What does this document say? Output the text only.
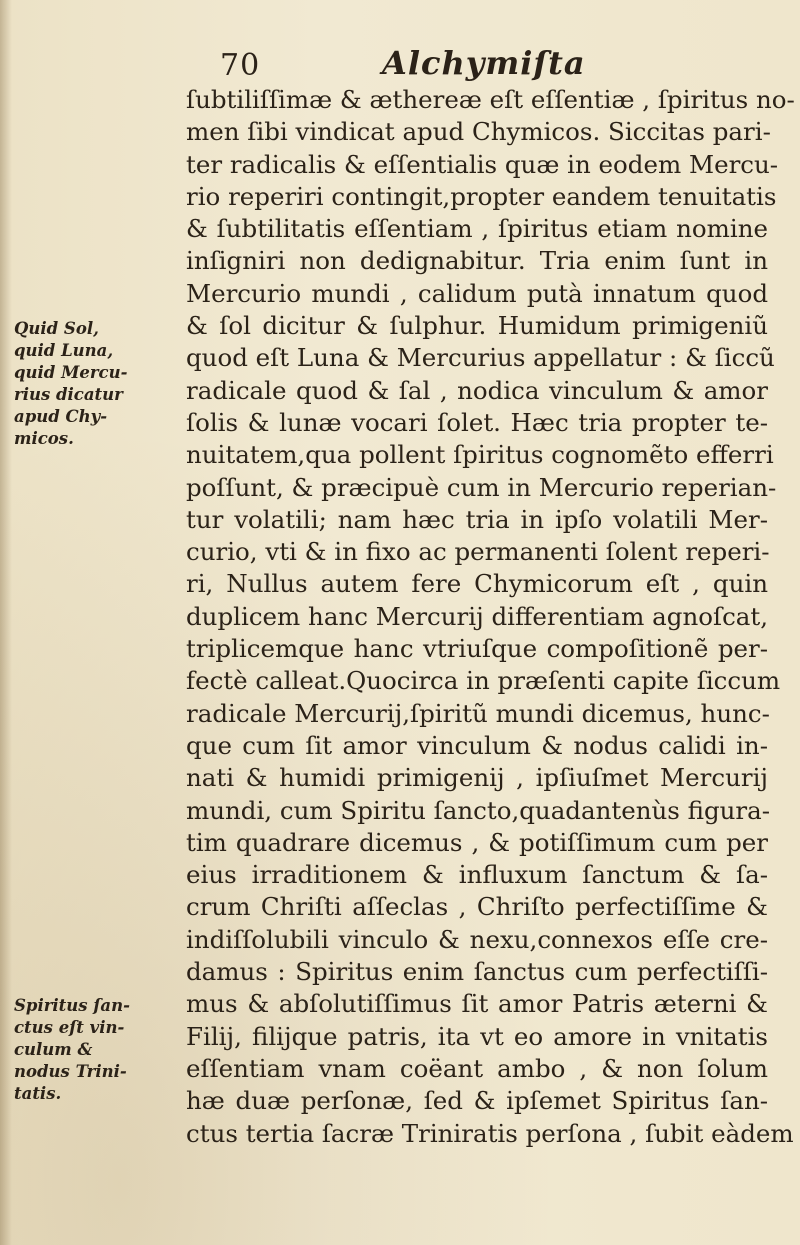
70	Alchymiſta
Quid Sol,
quid Luna,
quid Mercu-
rius dicatur
apud Chy-
micos.
Spiritus ſan-
ctus eſt vin-
culum &
nodus Trini-
tatis.
ſubtiliſſimæ & æthereæ eſt eſſentiæ , ſpiritus no-
men ſibi vindicat apud Chymicos. Siccitas pari-
ter radicalis & eſſentialis quæ in eodem Mercu-
rio reperiri contingit,propter eandem tenuitatis
& ſubtilitatis eſſentiam , ſpiritus etiam nomine
inſigniri non dedignabitur. Tria enim ſunt in
Mercurio mundi , calidum putà innatum quod
& ſol dicitur & ſulphur. Humidum primigeniũ
quod eſt Luna & Mercurius appellatur : & ſiccũ
radicale quod & ſal , nodica vinculum & amor
ſolis & lunæ vocari ſolet. Hæc tria propter te-
nuitatem,qua pollent ſpiritus cognomẽto efferri
poſſunt, & præcipuè cum in Mercurio reperian-
tur volatili; nam hæc tria in ipſo volatili Mer-
curio, vti & in fixo ac permanenti ſolent reperi-
ri, Nullus autem fere Chymicorum eſt , quin
duplicem hanc Mercurij differentiam agnoſcat,
triplicemque hanc vtriuſque compoſitionẽ per-
fectè calleat.Quocirca in præſenti capite ſiccum
radicale Mercurij,ſpiritũ mundi dicemus, hunc-
que cum ſit amor vinculum & nodus calidi in-
nati & humidi primigenij , ipſiuſmet Mercurij
mundi, cum Spiritu ſancto,quadantenùs figura-
tim quadrare dicemus , & potiſſimum cum per
eius irraditionem & influxum ſanctum & ſa-
crum Chriſti aſſeclas , Chriſto perfectiſſime &
indiſſolubili vinculo & nexu,connexos eſſe cre-
damus : Spiritus enim ſanctus cum perfectiſſi-
mus & abſolutiſſimus ſit amor Patris æterni &
Filij, filijque patris, ita vt eo amore in vnitatis
eſſentiam vnam coëant ambo , & non ſolum
hæ duæ perſonæ, ſed & ipſemet Spiritus ſan-
ctus tertia ſacræ Triniratis perſona , ſubit eàdem
